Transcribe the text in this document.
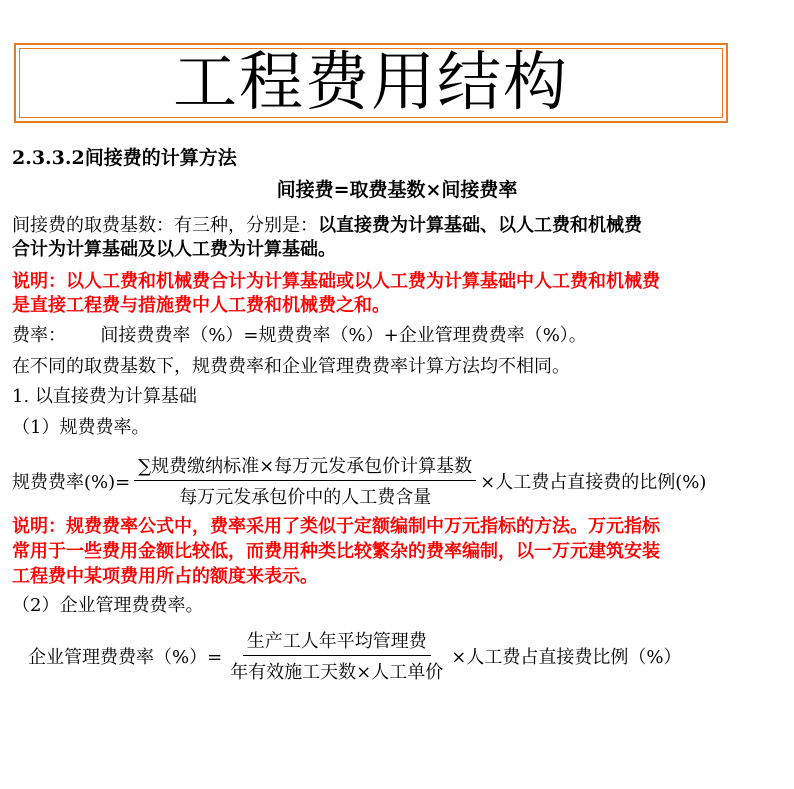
工程费用结构
2.3.3.2间接费的计算方法
间接费=取费基数×间接费率
间接费的取费基数：有三种，分别是：以直接费为计算基础、以人工费和机械费
合计为计算基础及以人工费为计算基础。
说明：以人工费和机械费合计为计算基础或以人工费为计算基础中人工费和机械费
是直接工程费与措施费中人工费和机械费之和。
费率：      间接费费率（%）=规费费率（%）+企业管理费费率（%）。
在不同的取费基数下，规费费率和企业管理费费率计算方法均不相同。
1. 以直接费为计算基础
（1）规费费率。
规费费率(%)= $\frac{\text{∑规费缴纳标准×每万元发承包价计算基数}}{\text{每万元发承包价中的人工费含量}}$ ×人工费占直接费的比例(%)
说明：规费费率公式中，费率采用了类似于定额编制中万元指标的方法。万元指标
常用于一些费用金额比较低，而费用种类比较繁杂的费率编制，以一万元建筑安装
工程费中某项费用所占的额度来表示。
（2）企业管理费费率。
企业管理费费率（%）= $\frac{\text{生产工人年平均管理费}}{\text{年有效施工天数×人工单价}}$ ×人工费占直接费比例（%）
